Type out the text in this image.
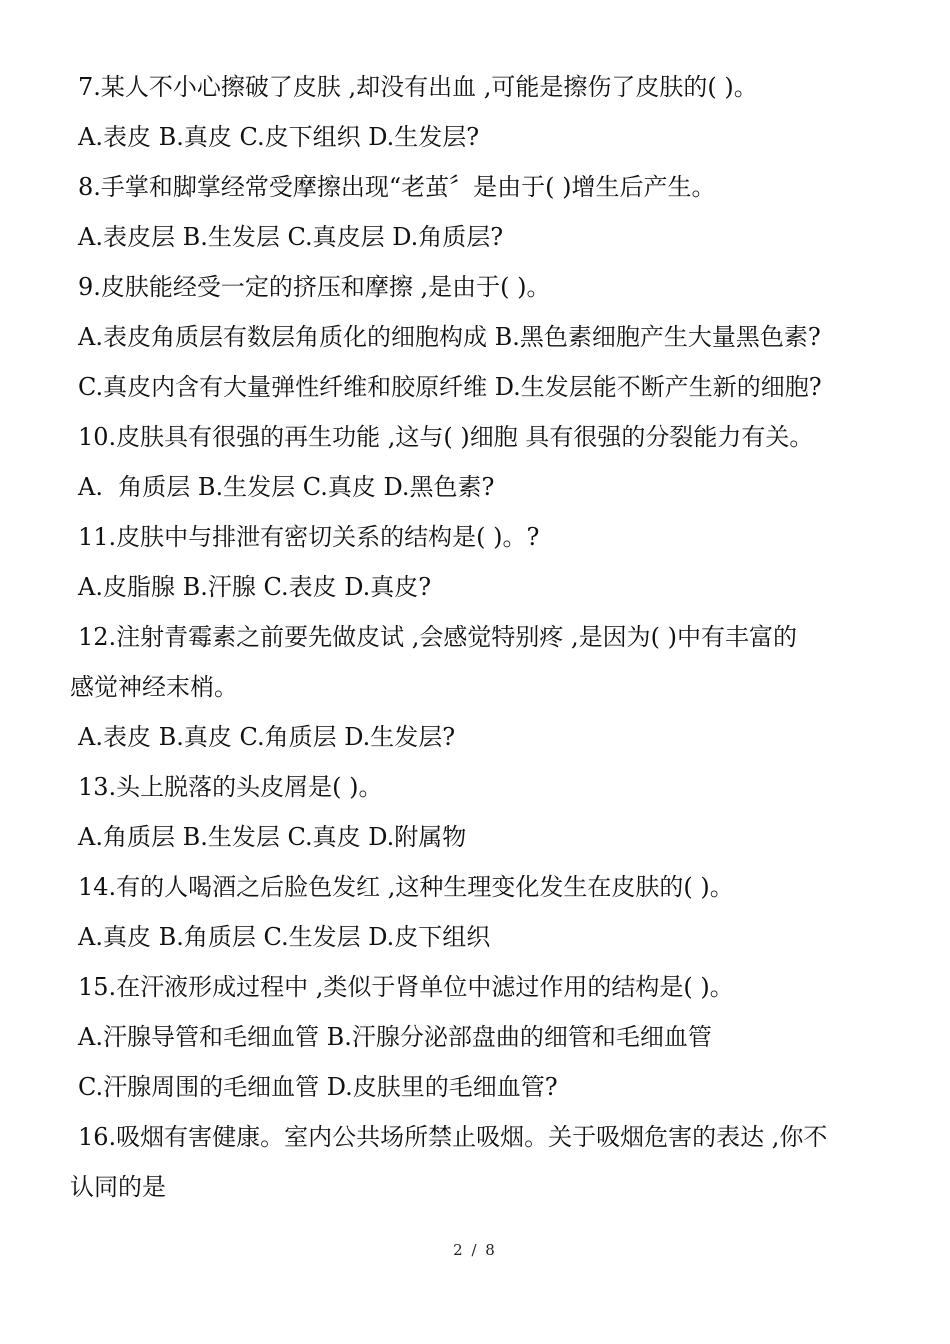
7.某人不小心擦破了皮肤 ,却没有出血 ,可能是擦伤了皮肤的( )。
A.表皮 B.真皮 C.皮下组织 D.生发层?
8.手掌和脚掌经常受摩擦出现“老茧〞是由于( )增生后产生。
A.表皮层 B.生发层 C.真皮层 D.角质层?
9.皮肤能经受一定的挤压和摩擦 ,是由于( )。
A.表皮角质层有数层角质化的细胞构成 B.黑色素细胞产生大量黑色素?
C.真皮内含有大量弹性纤维和胶原纤维 D.生发层能不断产生新的细胞?
10.皮肤具有很强的再生功能 ,这与( )细胞 具有很强的分裂能力有关。
A.  角质层 B.生发层 C.真皮 D.黑色素?
11.皮肤中与排泄有密切关系的结构是( )。?
A.皮脂腺 B.汗腺 C.表皮 D.真皮?
12.注射青霉素之前要先做皮试 ,会感觉特别疼 ,是因为( )中有丰富的
感觉神经末梢。
A.表皮 B.真皮 C.角质层 D.生发层?
13.头上脱落的头皮屑是( )。
A.角质层 B.生发层 C.真皮 D.附属物
14.有的人喝酒之后脸色发红 ,这种生理变化发生在皮肤的( )。
A.真皮 B.角质层 C.生发层 D.皮下组织
15.在汗液形成过程中 ,类似于肾单位中滤过作用的结构是( )。
A.汗腺导管和毛细血管 B.汗腺分泌部盘曲的细管和毛细血管
C.汗腺周围的毛细血管 D.皮肤里的毛细血管?
16.吸烟有害健康。室内公共场所禁止吸烟。关于吸烟危害的表达 ,你不
认同的是
2 / 8
